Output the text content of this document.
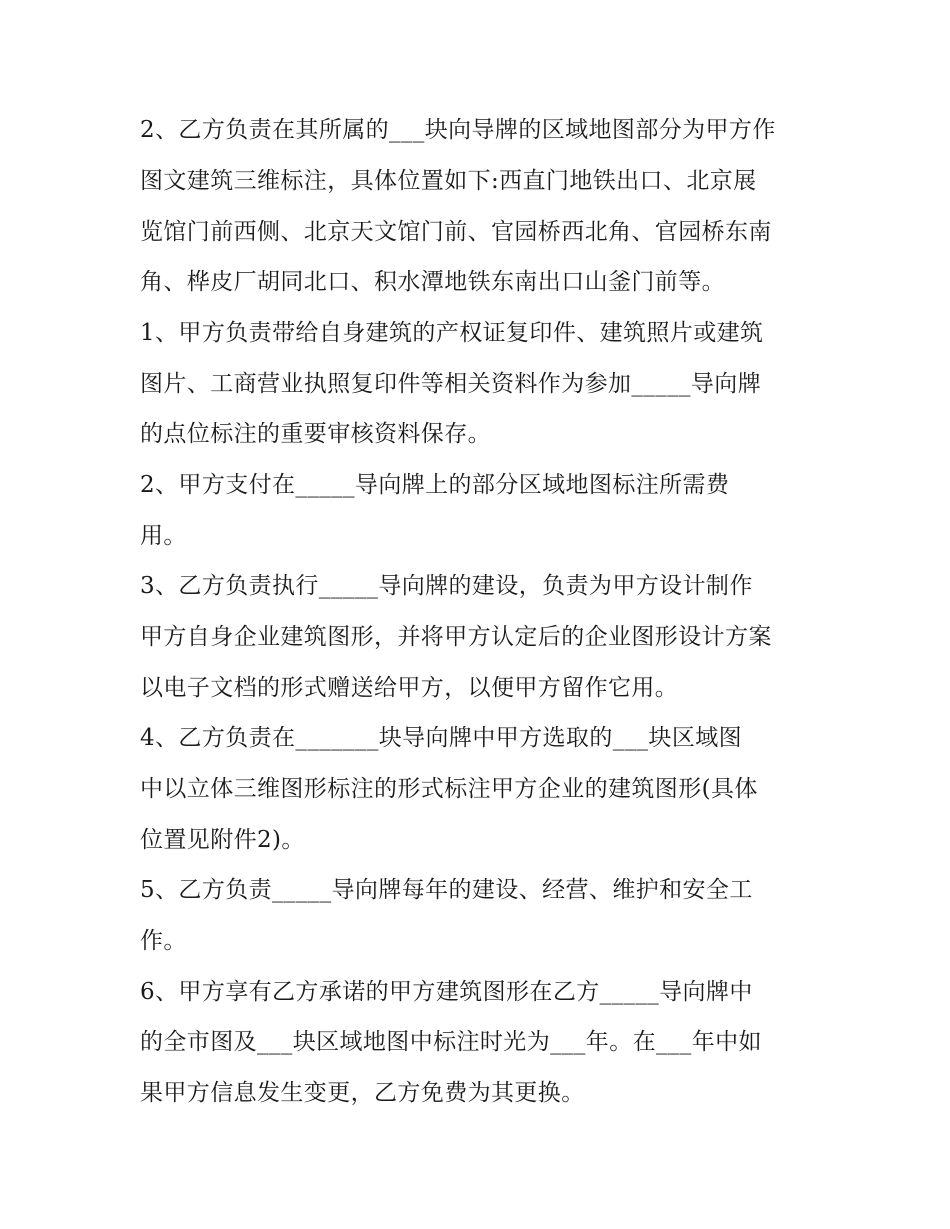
2、乙方负责在其所属的___块向导牌的区域地图部分为甲方作

图文建筑三维标注，具体位置如下:西直门地铁出口、北京展

览馆门前西侧、北京天文馆门前、官园桥西北角、官园桥东南

角、桦皮厂胡同北口、积水潭地铁东南出口山釜门前等。

1、甲方负责带给自身建筑的产权证复印件、建筑照片或建筑

图片、工商营业执照复印件等相关资料作为参加_____导向牌

的点位标注的重要审核资料保存。

2、甲方支付在_____导向牌上的部分区域地图标注所需费

用。

3、乙方负责执行_____导向牌的建设，负责为甲方设计制作

甲方自身企业建筑图形，并将甲方认定后的企业图形设计方案

以电子文档的形式赠送给甲方，以便甲方留作它用。

4、乙方负责在_______块导向牌中甲方选取的___块区域图

中以立体三维图形标注的形式标注甲方企业的建筑图形(具体

位置见附件2)。

5、乙方负责_____导向牌每年的建设、经营、维护和安全工

作。

6、甲方享有乙方承诺的甲方建筑图形在乙方_____导向牌中

的全市图及___块区域地图中标注时光为___年。在___年中如

果甲方信息发生变更，乙方免费为其更换。
